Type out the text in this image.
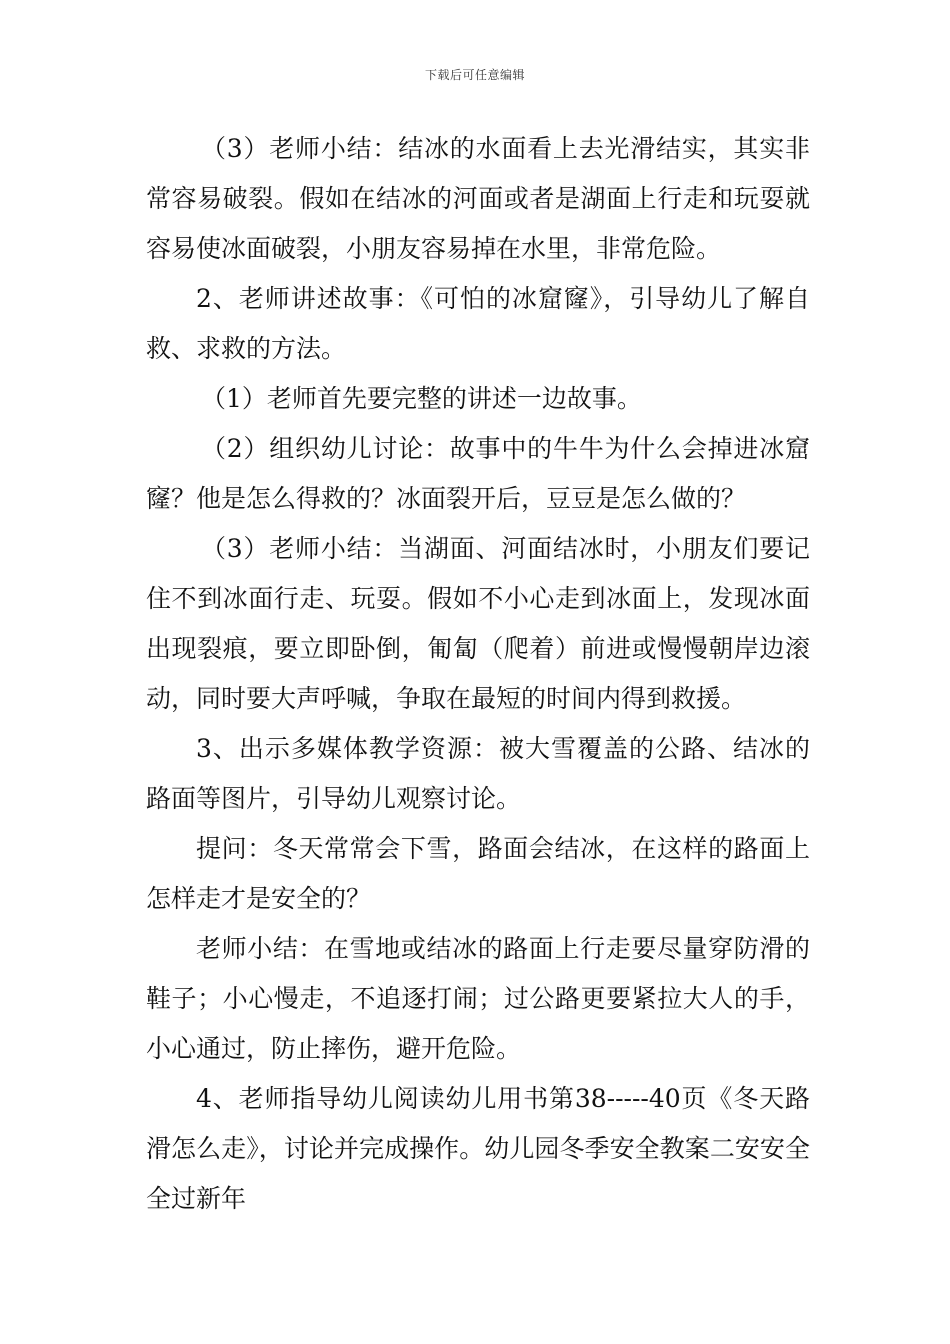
下载后可任意编辑

（3）老师小结：结冰的水面看上去光滑结实，其实非常容易破裂。假如在结冰的河面或者是湖面上行走和玩耍就容易使冰面破裂，小朋友容易掉在水里，非常危险。

2、老师讲述故事：《可怕的冰窟窿》，引导幼儿了解自救、求救的方法。

（1）老师首先要完整的讲述一边故事。

（2）组织幼儿讨论：故事中的牛牛为什么会掉进冰窟窿？他是怎么得救的？冰面裂开后，豆豆是怎么做的？

（3）老师小结：当湖面、河面结冰时，小朋友们要记住不到冰面行走、玩耍。假如不小心走到冰面上，发现冰面出现裂痕，要立即卧倒，匍匐（爬着）前进或慢慢朝岸边滚动，同时要大声呼喊，争取在最短的时间内得到救援。

3、出示多媒体教学资源：被大雪覆盖的公路、结冰的路面等图片，引导幼儿观察讨论。

提问：冬天常常会下雪，路面会结冰，在这样的路面上怎样走才是安全的？

老师小结：在雪地或结冰的路面上行走要尽量穿防滑的鞋子；小心慢走，不追逐打闹；过公路更要紧拉大人的手，小心通过，防止摔伤，避开危险。

4、老师指导幼儿阅读幼儿用书第38-----40页《冬天路滑怎么走》，讨论并完成操作。幼儿园冬季安全教案二安安全全过新年
